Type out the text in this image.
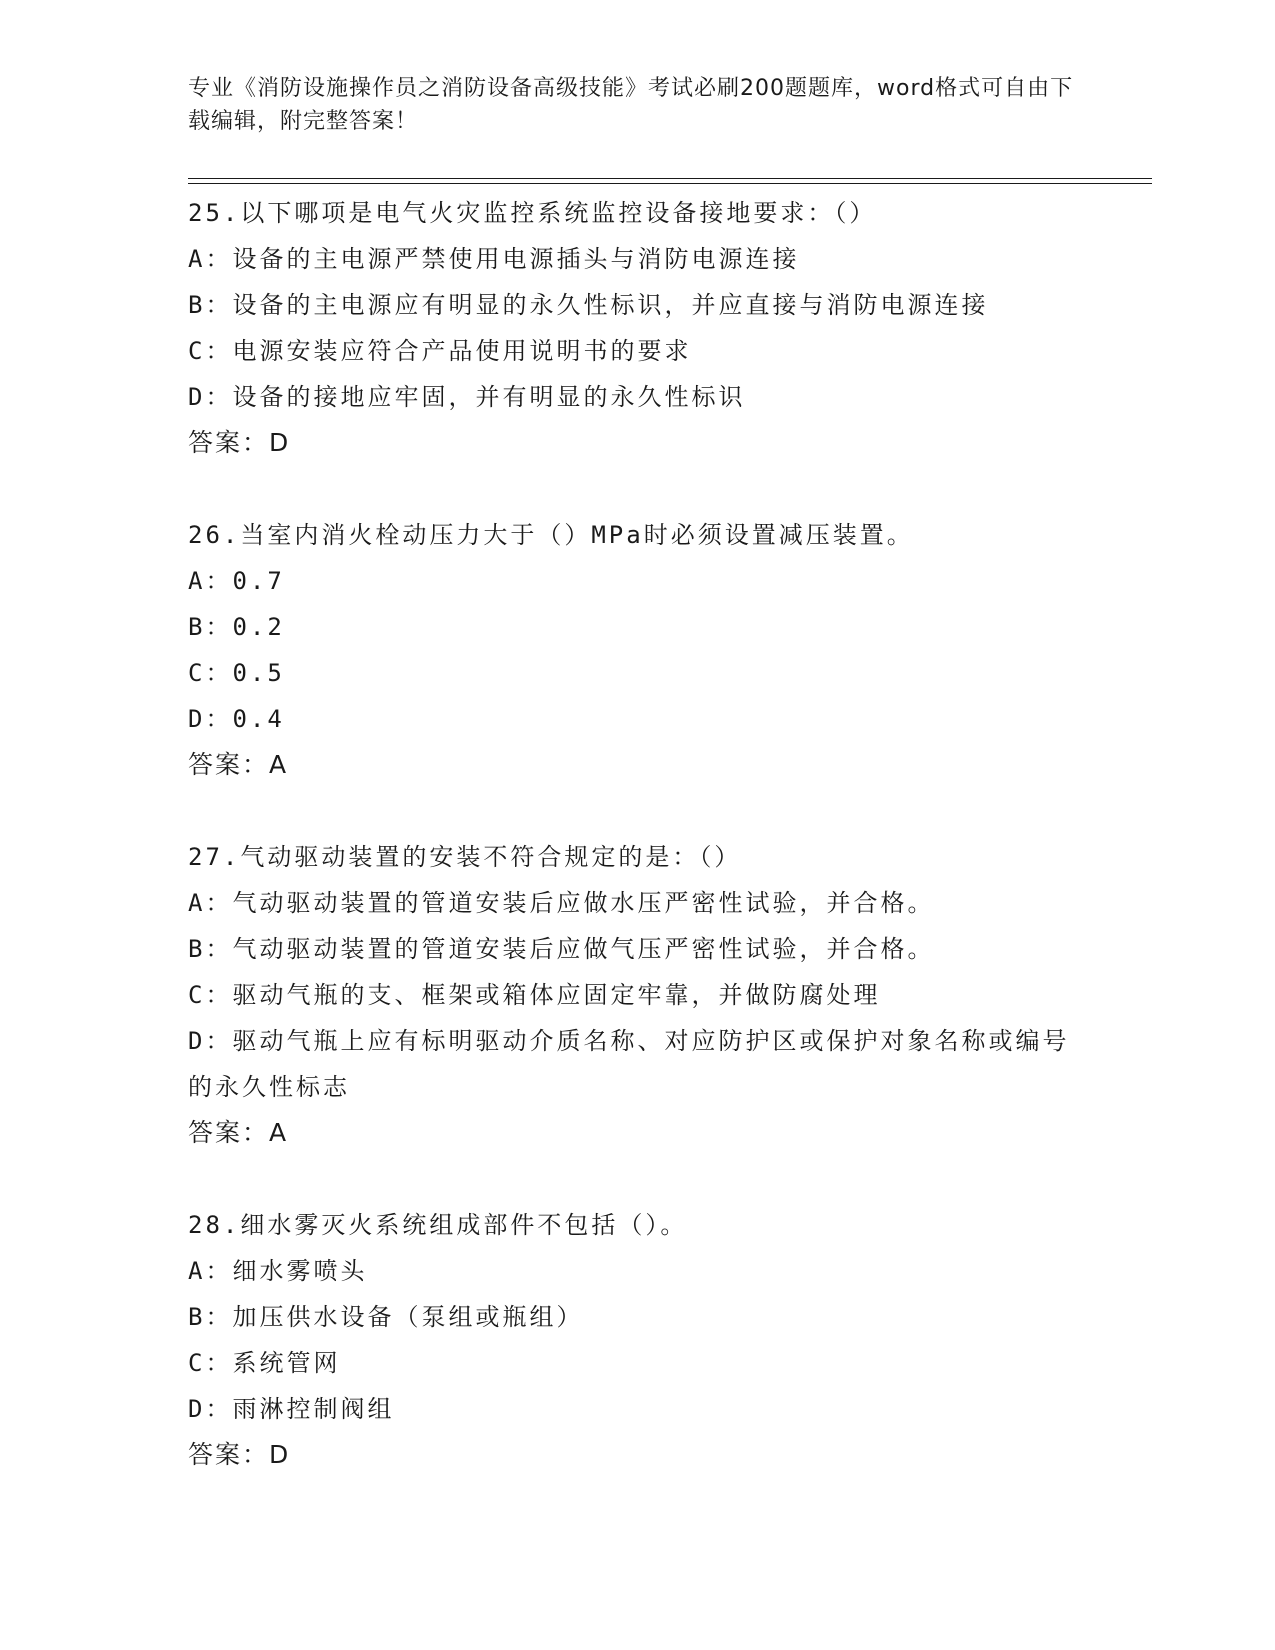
专业《消防设施操作员之消防设备高级技能》考试必刷200题题库，word格式可自由下载编辑，附完整答案！
25.以下哪项是电气火灾监控系统监控设备接地要求：（）
A：设备的主电源严禁使用电源插头与消防电源连接
B：设备的主电源应有明显的永久性标识，并应直接与消防电源连接
C：电源安装应符合产品使用说明书的要求
D：设备的接地应牢固，并有明显的永久性标识
答案：D
26.当室内消火栓动压力大于（）MPa时必须设置减压装置。
A：0.7
B：0.2
C：0.5
D：0.4
答案：A
27.气动驱动装置的安装不符合规定的是：（）
A：气动驱动装置的管道安装后应做水压严密性试验，并合格。
B：气动驱动装置的管道安装后应做气压严密性试验，并合格。
C：驱动气瓶的支、框架或箱体应固定牢靠，并做防腐处理
D：驱动气瓶上应有标明驱动介质名称、对应防护区或保护对象名称或编号的永久性标志
答案：A
28.细水雾灭火系统组成部件不包括（）。
A：细水雾喷头
B：加压供水设备（泵组或瓶组）
C：系统管网
D：雨淋控制阀组
答案：D
